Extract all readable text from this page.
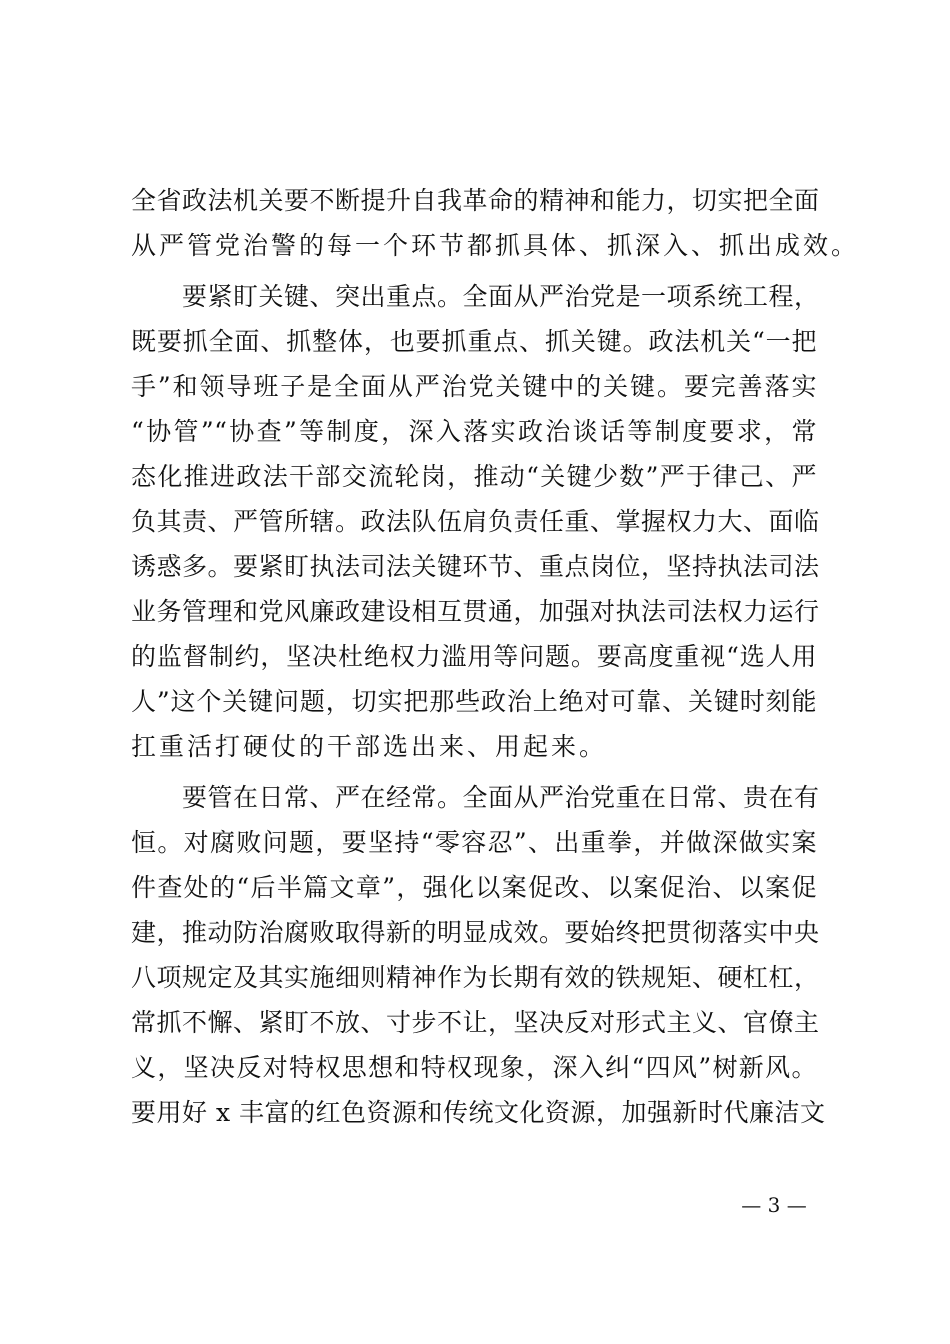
全省政法机关要不断提升自我革命的精神和能力，切实把全面
从严管党治警的每一个环节都抓具体、抓深入、抓出成效。
　　要紧盯关键、突出重点。全面从严治党是一项系统工程，
既要抓全面、抓整体，也要抓重点、抓关键。政法机关“一把
手”和领导班子是全面从严治党关键中的关键。要完善落实
“协管”“协查”等制度，深入落实政治谈话等制度要求，常
态化推进政法干部交流轮岗，推动“关键少数”严于律己、严
负其责、严管所辖。政法队伍肩负责任重、掌握权力大、面临
诱惑多。要紧盯执法司法关键环节、重点岗位，坚持执法司法
业务管理和党风廉政建设相互贯通，加强对执法司法权力运行
的监督制约，坚决杜绝权力滥用等问题。要高度重视“选人用
人”这个关键问题，切实把那些政治上绝对可靠、关键时刻能
扛重活打硬仗的干部选出来、用起来。
　　要管在日常、严在经常。全面从严治党重在日常、贵在有
恒。对腐败问题，要坚持“零容忍”、出重拳，并做深做实案
件查处的“后半篇文章”，强化以案促改、以案促治、以案促
建，推动防治腐败取得新的明显成效。要始终把贯彻落实中央
八项规定及其实施细则精神作为长期有效的铁规矩、硬杠杠，
常抓不懈、紧盯不放、寸步不让，坚决反对形式主义、官僚主
义，坚决反对特权思想和特权现象，深入纠“四风”树新风。
要用好 x 丰富的红色资源和传统文化资源，加强新时代廉洁文
— 3 —
